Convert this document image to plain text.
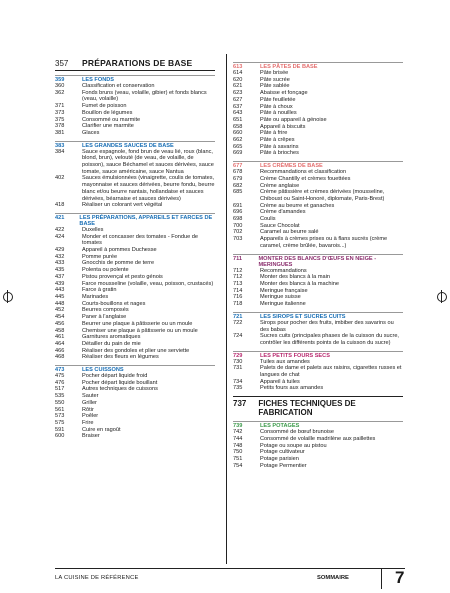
357	PRÉPARATIONS DE BASE
359	LES FONDS
360	Classification et conservation
362	Fonds bruns (veau, volaille, gibier) et fonds blancs (veau, volaille)
371	Fumet de poisson
373	Bouillon de légumes
375	Consommé ou marmite
378	Clarifier une marmite
381	Glaces
383	LES GRANDES SAUCES DE BASE
384	Sauce espagnole, fond brun de veau lié, roux (blanc, blond, brun), velouté (de veau, de volaille, de poisson), sauce Béchamel et sauces dérivées, sauce tomate, sauce américaine, sauce Nantua
402	Sauces émulsionnées (vinaigrette, coulis de tomates, mayonnaise et sauces dérivées, beurre fondu, beurre blanc et/ou beurre nantais, hollandaise et sauces dérivées, béarnaise et sauces dérivées)
418	Réaliser un colorant vert végétal
421	LES PRÉPARATIONS, APPAREILS ET FARCES DE BASE
422	Duxelles
424	Monder et concasser des tomates - Fondue de tomates
429	Appareil à pommes Duchesse
432	Pomme purée
433	Gnocchis de pomme de terre
435	Polenta ou polente
437	Pistou provençal et pesto génois
439	Farce mousseline (volaille, veau, poisson, crustacés)
443	Farce à gratin
445	Marinades
448	Courts-bouillons et nages
452	Beurres composés
454	Paner à l'anglaise
456	Beurrer une plaque à pâtisserie ou un moule
458	Chemiser une plaque à pâtisserie ou un moule
461	Garnitures aromatiques
464	Détailler du pain de mie
466	Réaliser des gondoles et plier une serviette
468	Réaliser des fleurs en légumes
473	LES CUISSONS
475	Pocher départ liquide froid
476	Pocher départ liquide bouillant
517	Autres techniques de cuissons
535	Sauter
550	Griller
561	Rôtir
573	Poêler
575	Frire
591	Cuire en ragoût
600	Braiser
613	LES PÂTES DE BASE
614	Pâte brisée
620	Pâte sucrée
621	Pâte sablée
623	Abaisse et fonçage
627	Pâte feuilletée
637	Pâte à choux
643	Pâte à nouilles
651	Pâte ou appareil à génoise
658	Appareil à biscuits
660	Pâte à frire
662	Pâte à crêpes
665	Pâte à savarins
669	Pâte à brioches
677	LES CRÈMES DE BASE
678	Recommandations et classification
679	Crème Chantilly et crèmes fouettées
682	Crème anglaise
685	Crème pâtissière et crèmes dérivées (mousseline, Chiboust ou Saint-Honoré, diplomate, Paris-Brest)
691	Crème au beurre et ganaches
696	Crème d'amandes
698	Coulis
700	Sauce Chocolat
702	Caramel au beurre salé
703	Appareils à crèmes prises ou à flans sucrés (crème caramel, crème brûlée, bavarois...)
711	MONTER DES BLANCS D'ŒUFS EN NEIGE - MERINGUES
712	Recommandations
712	Monter des blancs à la main
713	Monter des blancs à la machine
714	Meringue française
716	Meringue suisse
718	Meringue italienne
721	LES SIROPS ET SUCRES CUITS
722	Sirops pour pocher des fruits, imbiber des savarins ou des babas
724	Sucres cuits (principales phases de la cuisson du sucre, contrôler les différents points de la cuisson du sucre)
729	LES PETITS FOURS SECS
730	Tuiles aux amandes
731	Palets de dame et palets aux raisins, cigarettes russes et langues de chat
734	Appareil à tuiles
735	Petits fours aux amandes
737	FICHES TECHNIQUES DE FABRICATION
739	LES POTAGES
742	Consommé de bœuf brunoise
744	Consommé de volaille madrilène aux paillettes
748	Potage ou soupe au pistou
750	Potage cultivateur
751	Potage parisien
754	Potage Permentier
LA CUISINE DE RÉFÉRENCE	SOMMAIRE	7
